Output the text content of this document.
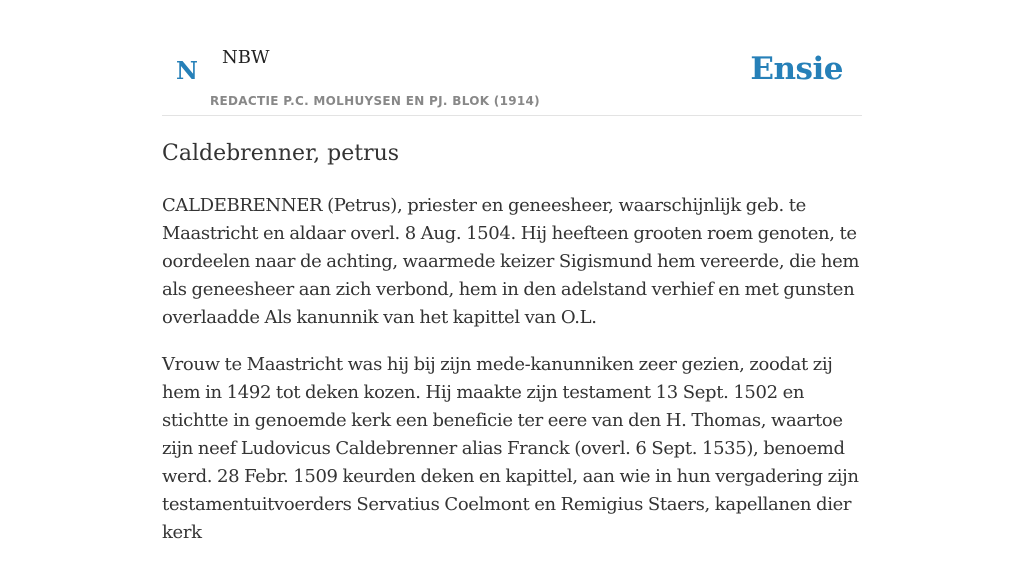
N NBW
REDACTIE P.C. MOLHUYSEN EN PJ. BLOK (1914)
Ensie
Caldebrenner, petrus

CALDEBRENNER (Petrus), priester en geneesheer, waarschijnlijk geb. te Maastricht en aldaar overl. 8 Aug. 1504. Hij heefteen grooten roem genoten, te oordeelen naar de achting, waarmede keizer Sigismund hem vereerde, die hem als geneesheer aan zich verbond, hem in den adelstand verhief en met gunsten overlaadde Als kanunnik van het kapittel van O.L.

Vrouw te Maastricht was hij bij zijn mede-kanunniken zeer gezien, zoodat zij hem in 1492 tot deken kozen. Hij maakte zijn testament 13 Sept. 1502 en stichtte in genoemde kerk een beneficie ter eere van den H. Thomas, waartoe zijn neef Ludovicus Caldebrenner alias Franck (overl. 6 Sept. 1535), benoemd werd. 28 Febr. 1509 keurden deken en kapittel, aan wie in hun vergadering zijn testamentuitvoerders Servatius Coelmont en Remigius Staers, kapellanen dier kerk
